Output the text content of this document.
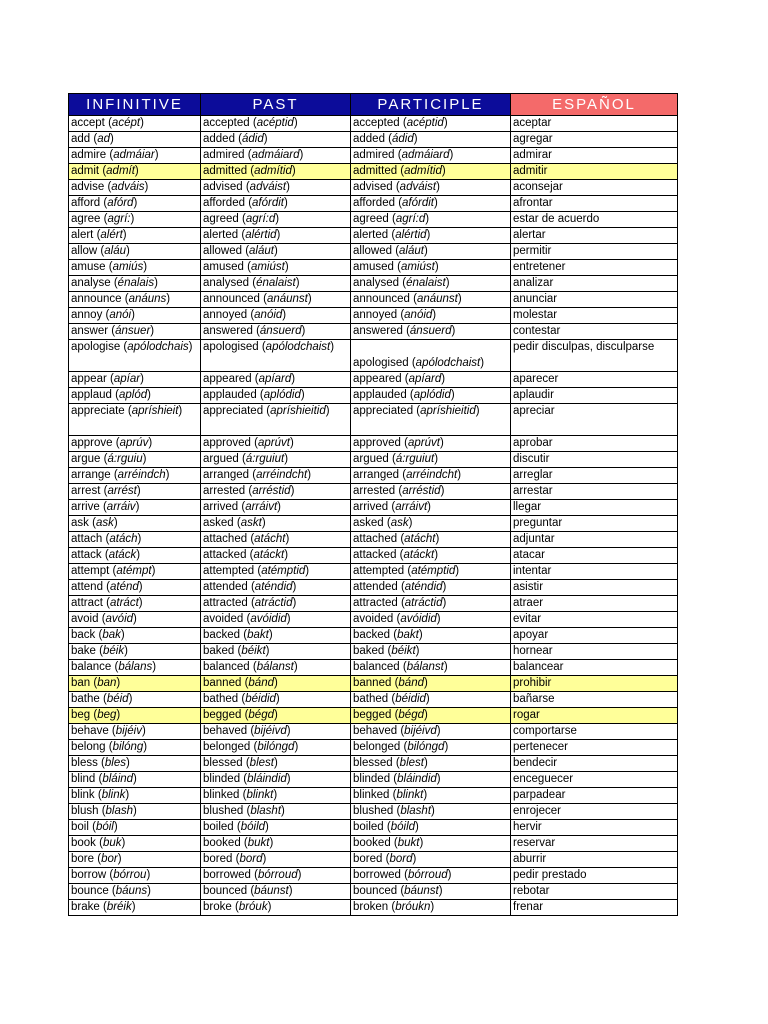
INFINITIVE	PAST	PARTICIPLE	ESPAÑOL
accept (acépt)	accepted (acéptid)	accepted (acéptid)	aceptar
add (ad)	added (ádid)	added (ádid)	agregar
admire (admáiar)	admired (admáiard)	admired (admáiard)	admirar
admit (admít)	admitted (admítid)	admitted (admítid)	admitir
advise (adváis)	advised (adváist)	advised (adváist)	aconsejar
afford (afórd)	afforded (afórdit)	afforded (afórdit)	afrontar
agree (agrí:)	agreed (agrí:d)	agreed (agrí:d)	estar de acuerdo
alert (alért)	alerted (alértid)	alerted (alértid)	alertar
allow (aláu)	allowed (aláut)	allowed (aláut)	permitir
amuse (amiús)	amused (amiúst)	amused (amiúst)	entretener
analyse (énalais)	analysed (énalaist)	analysed (énalaist)	analizar
announce (anáuns)	announced (anáunst)	announced (anáunst)	anunciar
annoy (anói)	annoyed (anóid)	annoyed (anóid)	molestar
answer (ánsuer)	answered (ánsuerd)	answered (ánsuerd)	contestar
apologise (apólodchais)	apologised (apólodchaist)	apologised (apólodchaist)	pedir disculpas, disculparse
appear (apíar)	appeared (apíard)	appeared (apíard)	aparecer
applaud (aplód)	applauded (aplódid)	applauded (aplódid)	aplaudir
appreciate (apríshieit)	appreciated (apríshieitid)	appreciated (apríshieitid)	apreciar
approve (aprúv)	approved (aprúvt)	approved (aprúvt)	aprobar
argue (á:rguiu)	argued (á:rguiut)	argued (á:rguiut)	discutir
arrange (arréindch)	arranged (arréindcht)	arranged (arréindcht)	arreglar
arrest (arrést)	arrested (arréstid)	arrested (arréstid)	arrestar
arrive (arráiv)	arrived (arráivt)	arrived (arráivt)	llegar
ask (ask)	asked (askt)	asked (ask)	preguntar
attach (atách)	attached (atácht)	attached (atácht)	adjuntar
attack (atáck)	attacked (atáckt)	attacked (atáckt)	atacar
attempt (atémpt)	attempted (atémptid)	attempted (atémptid)	intentar
attend (aténd)	attended (aténdid)	attended (aténdid)	asistir
attract (atráct)	attracted (atráctid)	attracted (atráctid)	atraer
avoid (avóid)	avoided (avóidid)	avoided (avóidid)	evitar
back (bak)	backed (bakt)	backed (bakt)	apoyar
bake (béik)	baked (béikt)	baked (béikt)	hornear
balance (bálans)	balanced (bálanst)	balanced (bálanst)	balancear
ban (ban)	banned (bánd)	banned (bánd)	prohibir
bathe (béid)	bathed (béidid)	bathed (béidid)	bañarse
beg (beg)	begged (bégd)	begged (bégd)	rogar
behave (bijéiv)	behaved (bijéivd)	behaved (bijéivd)	comportarse
belong (bilóng)	belonged (bilóngd)	belonged (bilóngd)	pertenecer
bless (bles)	blessed (blest)	blessed (blest)	bendecir
blind (bláind)	blinded (bláindid)	blinded (bláindid)	enceguecer
blink (blink)	blinked (blinkt)	blinked (blinkt)	parpadear
blush (blash)	blushed (blasht)	blushed (blasht)	enrojecer
boil (bóil)	boiled (bóild)	boiled (bóild)	hervir
book (buk)	booked (bukt)	booked (bukt)	reservar
bore (bor)	bored (bord)	bored (bord)	aburrir
borrow (bórrou)	borrowed (bórroud)	borrowed (bórroud)	pedir prestado
bounce (báuns)	bounced (báunst)	bounced (báunst)	rebotar
brake (bréik)	broke (bróuk)	broken (bróukn)	frenar
